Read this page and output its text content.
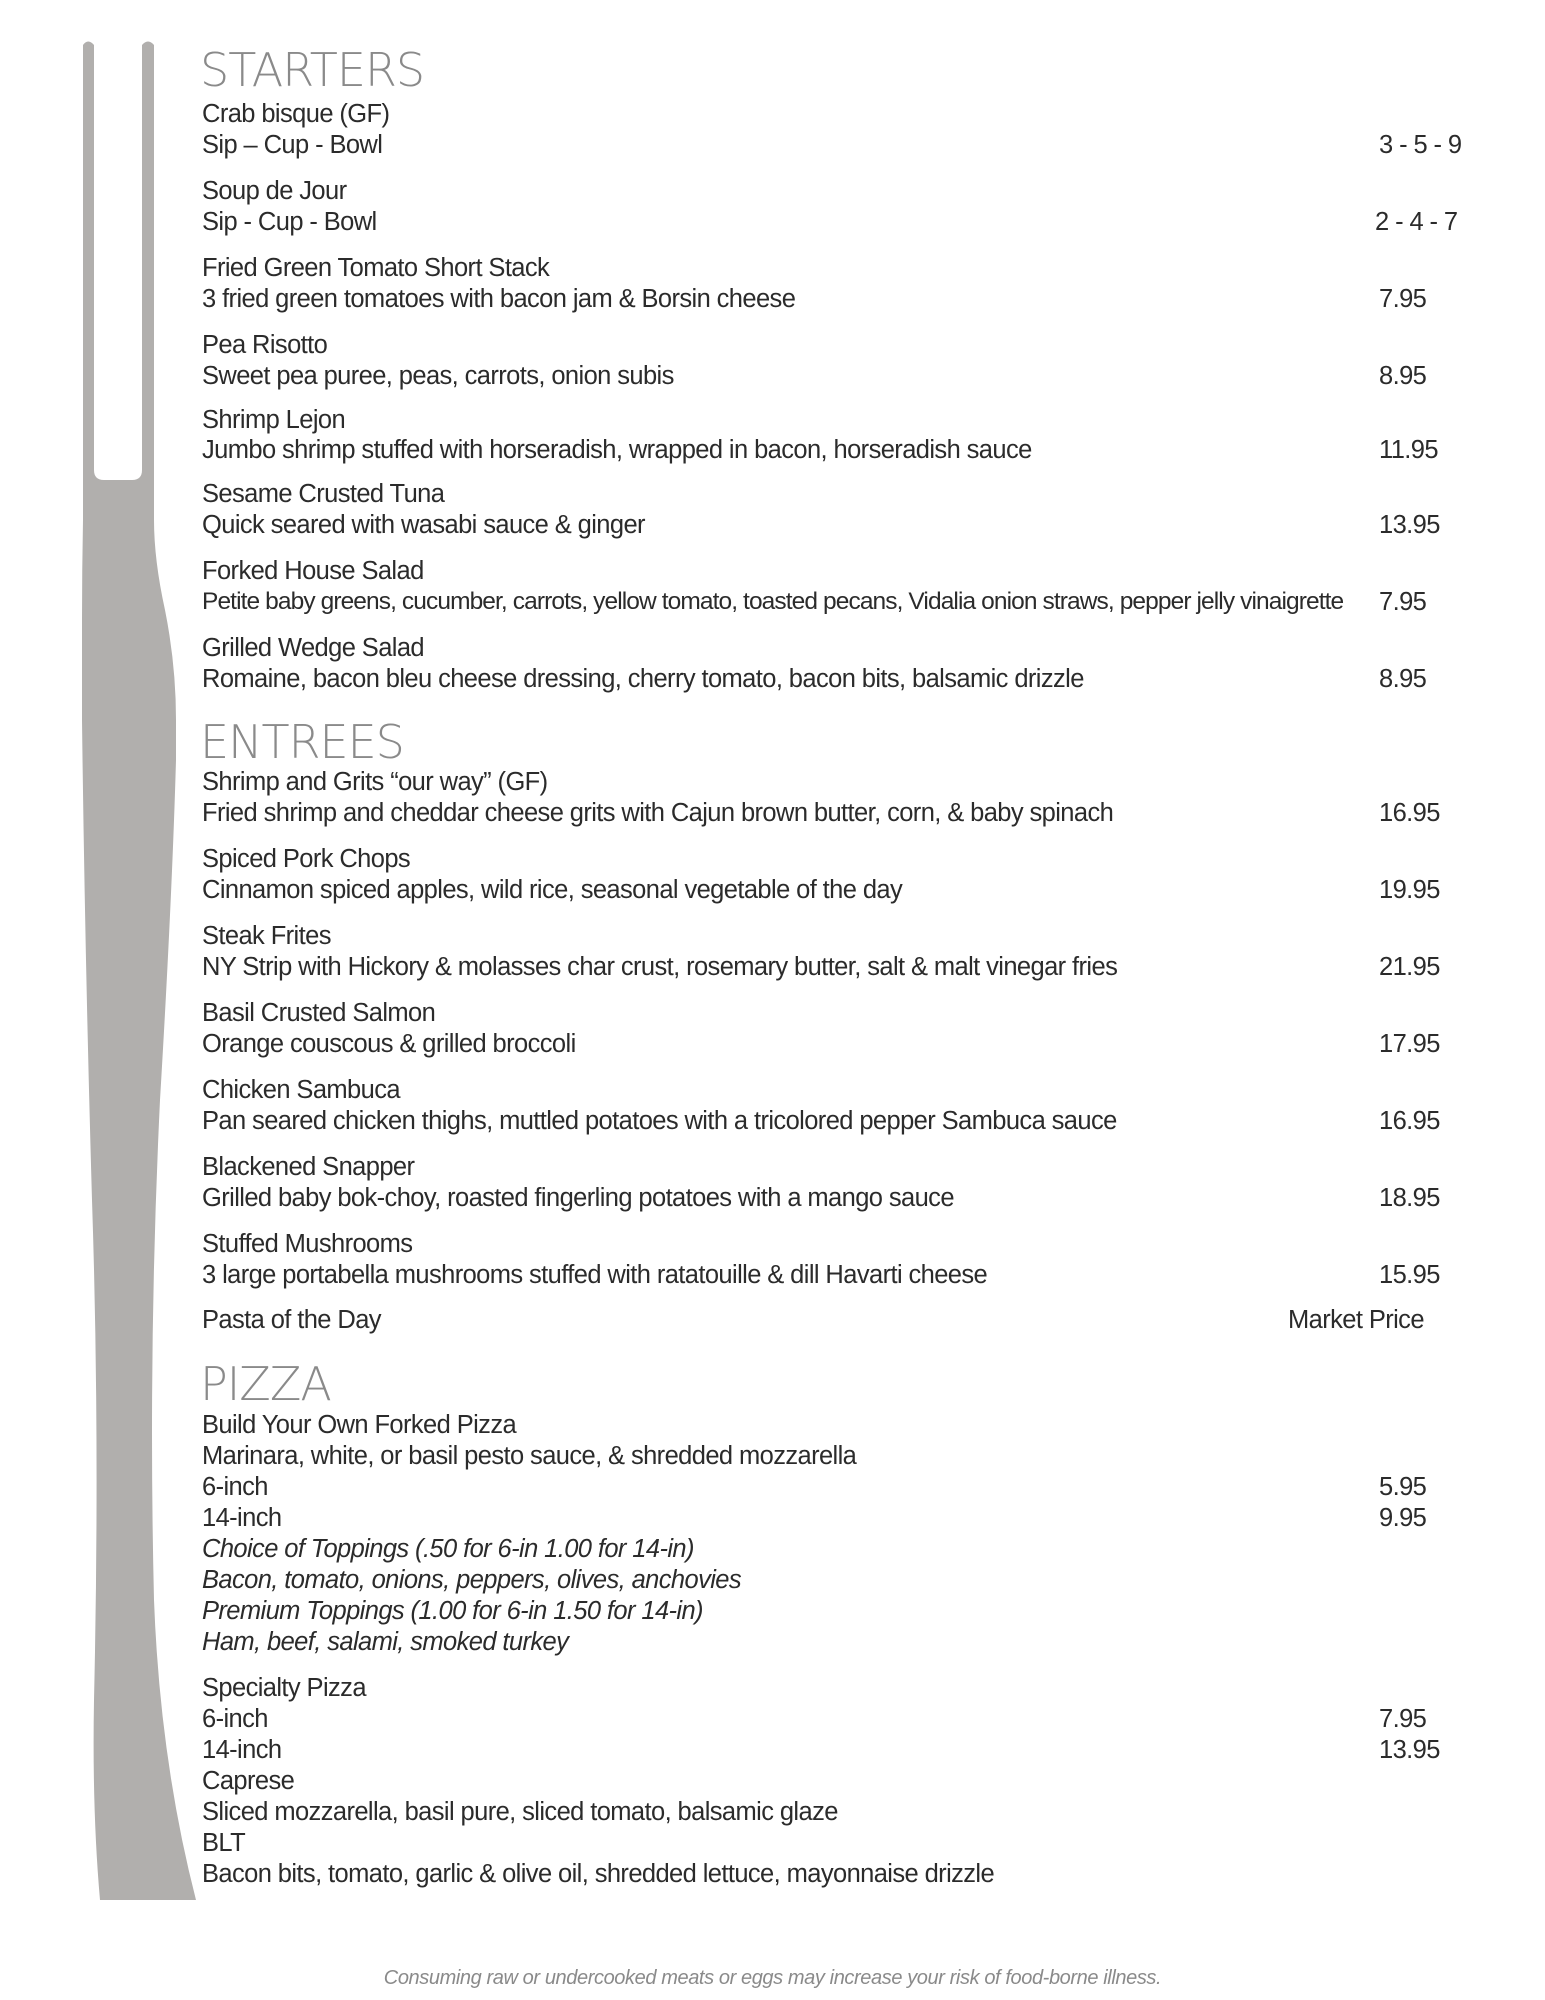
STARTERS
Crab bisque (GF)
Sip – Cup - Bowl	3 - 5 - 9
Soup de Jour
Sip - Cup - Bowl	2 - 4 - 7
Fried Green Tomato Short Stack
3 fried green tomatoes with bacon jam & Borsin cheese	7.95
Pea Risotto
Sweet pea puree, peas, carrots, onion subis	8.95
Shrimp Lejon
Jumbo shrimp stuffed with horseradish, wrapped in bacon, horseradish sauce	11.95
Sesame Crusted Tuna
Quick seared with wasabi sauce & ginger	13.95
Forked House Salad
Petite baby greens, cucumber, carrots, yellow tomato, toasted pecans, Vidalia onion straws, pepper jelly vinaigrette 7.95
Grilled Wedge Salad
Romaine, bacon bleu cheese dressing, cherry tomato, bacon bits, balsamic drizzle	8.95
ENTREES
Shrimp and Grits “our way” (GF)
Fried shrimp and cheddar cheese grits with Cajun brown butter, corn, & baby spinach	16.95
Spiced Pork Chops
Cinnamon spiced apples, wild rice, seasonal vegetable of the day	19.95
Steak Frites
NY Strip with Hickory & molasses char crust, rosemary butter, salt & malt vinegar fries	21.95
Basil Crusted Salmon
Orange couscous & grilled broccoli	17.95
Chicken Sambuca
Pan seared chicken thighs, muttled potatoes with a tricolored pepper Sambuca sauce	16.95
Blackened Snapper
Grilled baby bok-choy, roasted fingerling potatoes with a mango sauce	18.95
Stuffed Mushrooms
3 large portabella mushrooms stuffed with ratatouille & dill Havarti cheese	15.95
Pasta of the Day	Market Price
PIZZA
Build Your Own Forked Pizza
Marinara, white, or basil pesto sauce, & shredded mozzarella
6-inch	5.95
14-inch	9.95
Choice of Toppings (.50 for 6-in 1.00 for 14-in)
Bacon, tomato, onions, peppers, olives, anchovies
Premium Toppings (1.00 for 6-in 1.50 for 14-in)
Ham, beef, salami, smoked turkey
Specialty Pizza
6-inch	7.95
14-inch	13.95
Caprese
Sliced mozzarella, basil pure, sliced tomato, balsamic glaze
BLT
Bacon bits, tomato, garlic & olive oil, shredded lettuce, mayonnaise drizzle
Consuming raw or undercooked meats or eggs may increase your risk of food-borne illness.
